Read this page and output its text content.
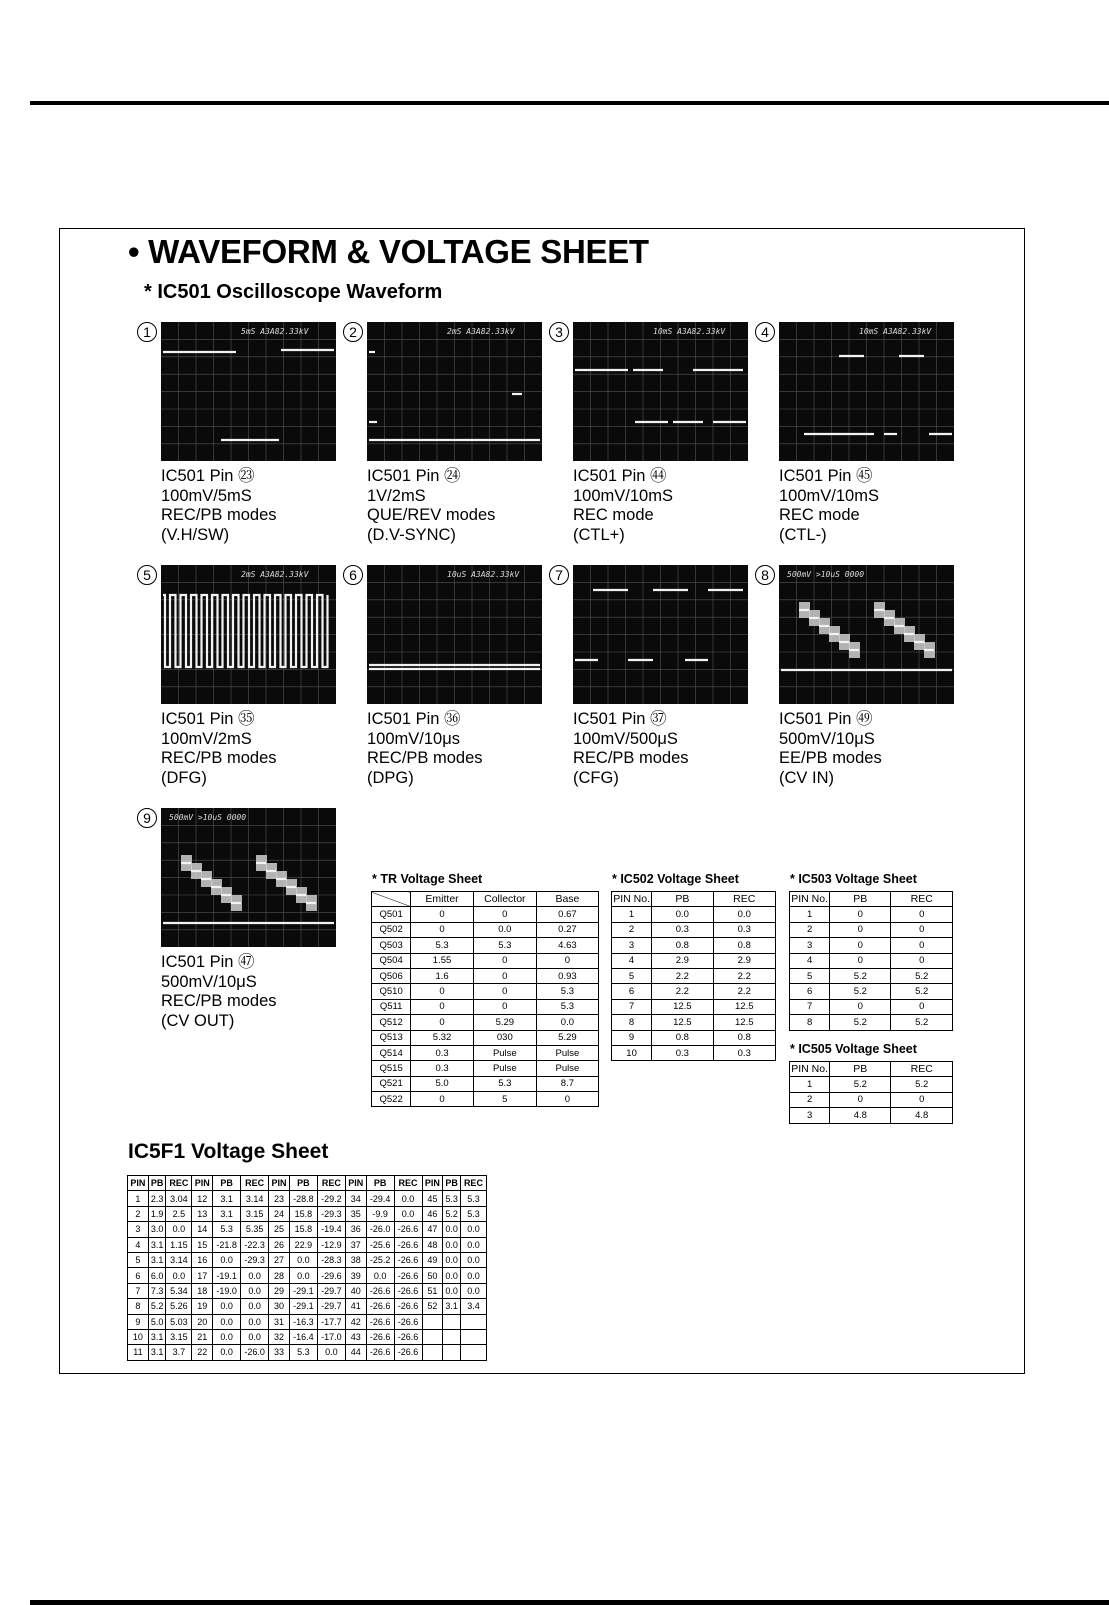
• WAVEFORM & VOLTAGE SHEET
* IC501 Oscilloscope Waveform
1	5mS A3A82.33kV
IC501 Pin ㉓
100mV/5mS
REC/PB modes
(V.H/SW)
2	2mS A3A82.33kV
IC501 Pin ㉔
1V/2mS
QUE/REV modes
(D.V-SYNC)
3	10mS A3A82.33kV
IC501 Pin ㊹
100mV/10mS
REC mode
(CTL+)
4	10mS A3A82.33kV
IC501 Pin ㊺
100mV/10mS
REC mode
(CTL-)
5	2mS A3A82.33kV
IC501 Pin ㉟
100mV/2mS
REC/PB modes
(DFG)
6	10uS A3A82.33kV
IC501 Pin ㊱
100mV/10μs
REC/PB modes
(DPG)
7
IC501 Pin ㊲
100mV/500μS
REC/PB modes
(CFG)
8	500mV >10uS 0000
IC501 Pin ㊾
500mV/10μS
EE/PB modes
(CV IN)
9	500mV >10uS 0000
IC501 Pin ㊼
500mV/10μS
REC/PB modes
(CV OUT)
* TR Voltage Sheet
	Emitter	Collector	Base
Q501	0	0	0.67
Q502	0	0.0	0.27
Q503	5.3	5.3	4.63
Q504	1.55	0	0
Q506	1.6	0	0.93
Q510	0	0	5.3
Q511	0	0	5.3
Q512	0	5.29	0.0
Q513	5.32	030	5.29
Q514	0.3	Pulse	Pulse
Q515	0.3	Pulse	Pulse
Q521	5.0	5.3	8.7
Q522	0	5	0
* IC502 Voltage Sheet
PIN No.	PB	REC
1	0.0	0.0
2	0.3	0.3
3	0.8	0.8
4	2.9	2.9
5	2.2	2.2
6	2.2	2.2
7	12.5	12.5
8	12.5	12.5
9	0.8	0.8
10	0.3	0.3
* IC503 Voltage Sheet
PIN No.	PB	REC
1	0	0
2	0	0
3	0	0
4	0	0
5	5.2	5.2
6	5.2	5.2
7	0	0
8	5.2	5.2
* IC505 Voltage Sheet
PIN No.	PB	REC
1	5.2	5.2
2	0	0
3	4.8	4.8
IC5F1 Voltage Sheet
PIN	PB	REC	PIN	PB	REC	PIN	PB	REC	PIN	PB	REC	PIN	PB	REC
1	2.3	3.04	12	3.1	3.14	23	-28.8	-29.2	34	-29.4	0.0	45	5.3	5.3
2	1.9	2.5	13	3.1	3.15	24	15.8	-29.3	35	-9.9	0.0	46	5.2	5.3
3	3.0	0.0	14	5.3	5.35	25	15.8	-19.4	36	-26.0	-26.6	47	0.0	0.0
4	3.1	1.15	15	-21.8	-22.3	26	22.9	-12.9	37	-25.6	-26.6	48	0.0	0.0
5	3.1	3.14	16	0.0	-29.3	27	0.0	-28.3	38	-25.2	-26.6	49	0.0	0.0
6	6.0	0.0	17	-19.1	0.0	28	0.0	-29.6	39	0.0	-26.6	50	0.0	0.0
7	7.3	5.34	18	-19.0	0.0	29	-29.1	-29.7	40	-26.6	-26.6	51	0.0	0.0
8	5.2	5.26	19	0.0	0.0	30	-29.1	-29.7	41	-26.6	-26.6	52	3.1	3.4
9	5.0	5.03	20	0.0	0.0	31	-16.3	-17.7	42	-26.6	-26.6			
10	3.1	3.15	21	0.0	0.0	32	-16.4	-17.0	43	-26.6	-26.6			
11	3.1	3.7	22	0.0	-26.0	33	5.3	0.0	44	-26.6	-26.6			
